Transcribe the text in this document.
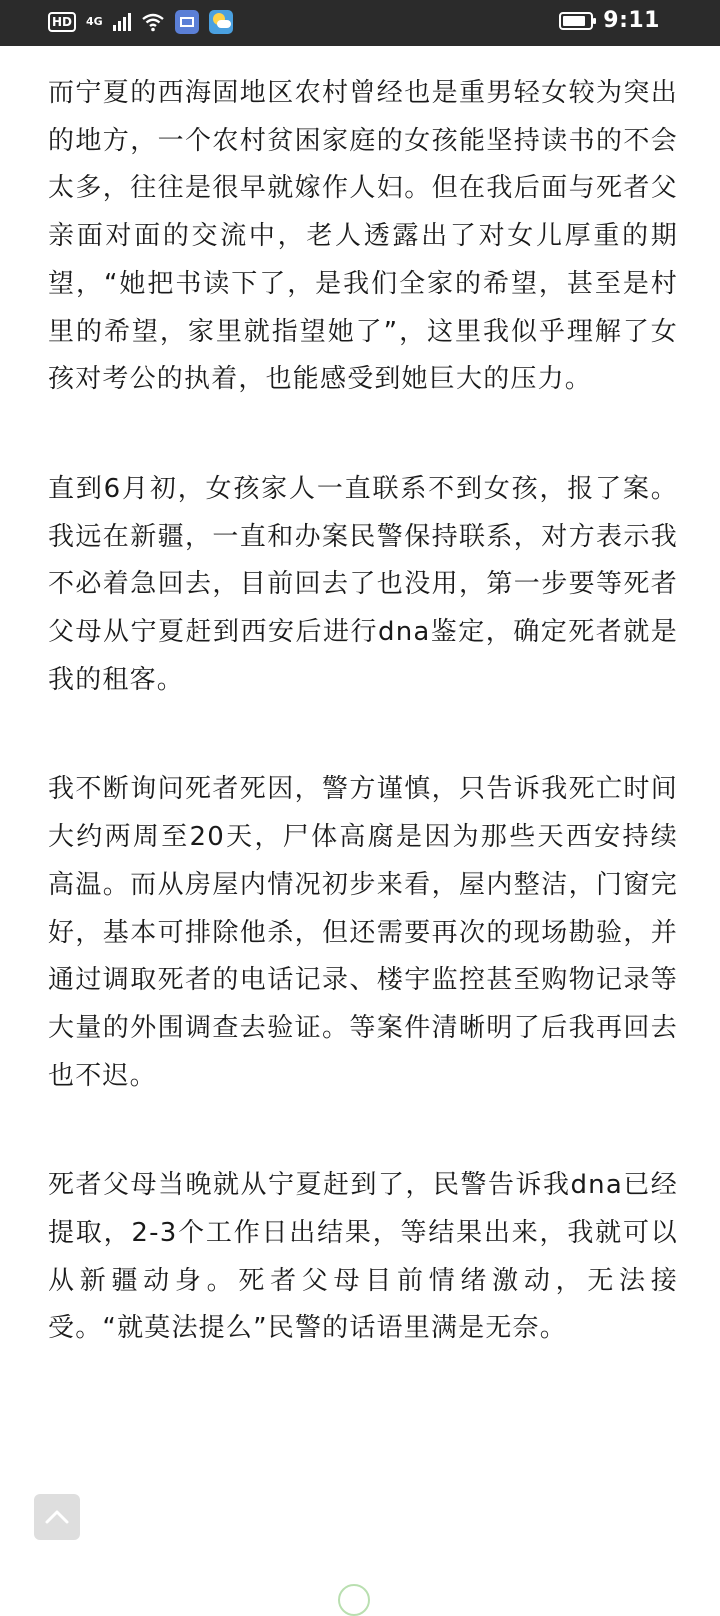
HD	4G	9:11

而宁夏的西海固地区农村曾经也是重男轻女较为突出的地方，一个农村贫困家庭的女孩能坚持读书的不会太多，往往是很早就嫁作人妇。但在我后面与死者父亲面对面的交流中，老人透露出了对女儿厚重的期望，“她把书读下了，是我们全家的希望，甚至是村里的希望，家里就指望她了”，这里我似乎理解了女孩对考公的执着，也能感受到她巨大的压力。

直到6月初，女孩家人一直联系不到女孩，报了案。我远在新疆，一直和办案民警保持联系，对方表示我不必着急回去，目前回去了也没用，第一步要等死者父母从宁夏赶到西安后进行dna鉴定，确定死者就是我的租客。

我不断询问死者死因，警方谨慎，只告诉我死亡时间大约两周至20天，尸体高腐是因为那些天西安持续高温。而从房屋内情况初步来看，屋内整洁，门窗完好，基本可排除他杀，但还需要再次的现场勘验，并通过调取死者的电话记录、楼宇监控甚至购物记录等大量的外围调查去验证。等案件清晰明了后我再回去也不迟。

死者父母当晚就从宁夏赶到了，民警告诉我dna已经提取，2-3个工作日出结果，等结果出来，我就可以从新疆动身。死者父母目前情绪激动，无法接受。“就莫法提么”民警的话语里满是无奈。
